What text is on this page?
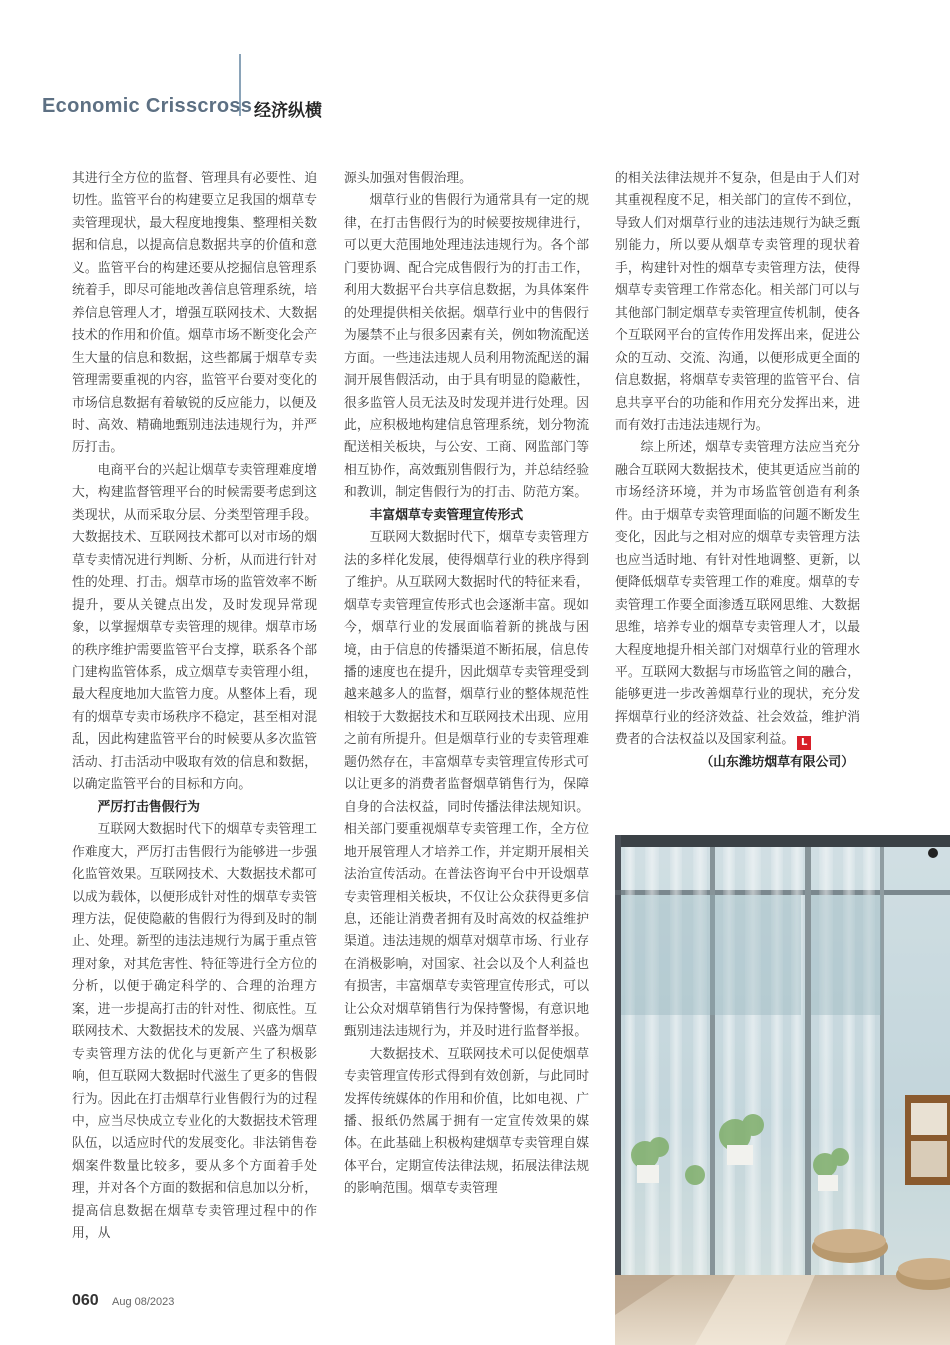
Economic Crisscross 经济纵横

其进行全方位的监督、管理具有必要性、迫切性。监管平台的构建要立足我国的烟草专卖管理现状，最大程度地搜集、整理相关数据和信息，以提高信息数据共享的价值和意义。监管平台的构建还要从挖掘信息管理系统着手，即尽可能地改善信息管理系统，培养信息管理人才，增强互联网技术、大数据技术的作用和价值。烟草市场不断变化会产生大量的信息和数据，这些都属于烟草专卖管理需要重视的内容，监管平台要对变化的市场信息数据有着敏锐的反应能力，以便及时、高效、精确地甄别违法违规行为，并严厉打击。

电商平台的兴起让烟草专卖管理难度增大，构建监督管理平台的时候需要考虑到这类现状，从而采取分层、分类型管理手段。大数据技术、互联网技术都可以对市场的烟草专卖情况进行判断、分析，从而进行针对性的处理、打击。烟草市场的监管效率不断提升，要从关键点出发，及时发现异常现象，以掌握烟草专卖管理的规律。烟草市场的秩序维护需要监管平台支撑，联系各个部门建构监管体系，成立烟草专卖管理小组，最大程度地加大监管力度。从整体上看，现有的烟草专卖市场秩序不稳定，甚至相对混乱，因此构建监管平台的时候要从多次监管活动、打击活动中吸取有效的信息和数据，以确定监管平台的目标和方向。

严厉打击售假行为

互联网大数据时代下的烟草专卖管理工作难度大，严厉打击售假行为能够进一步强化监管效果。互联网技术、大数据技术都可以成为载体，以便形成针对性的烟草专卖管理方法，促使隐蔽的售假行为得到及时的制止、处理。新型的违法违规行为属于重点管理对象，对其危害性、特征等进行全方位的分析，以便于确定科学的、合理的治理方案，进一步提高打击的针对性、彻底性。互联网技术、大数据技术的发展、兴盛为烟草专卖管理方法的优化与更新产生了积极影响，但互联网大数据时代滋生了更多的售假行为。因此在打击烟草行业售假行为的过程中，应当尽快成立专业化的大数据技术管理队伍，以适应时代的发展变化。非法销售卷烟案件数量比较多，要从多个方面着手处理，并对各个方面的数据和信息加以分析，提高信息数据在烟草专卖管理过程中的作用，从

源头加强对售假治理。

烟草行业的售假行为通常具有一定的规律，在打击售假行为的时候要按规律进行，可以更大范围地处理违法违规行为。各个部门要协调、配合完成售假行为的打击工作，利用大数据平台共享信息数据，为具体案件的处理提供相关依据。烟草行业中的售假行为屡禁不止与很多因素有关，例如物流配送方面。一些违法违规人员利用物流配送的漏洞开展售假活动，由于具有明显的隐蔽性，很多监管人员无法及时发现并进行处理。因此，应积极地构建信息管理系统，划分物流配送相关板块，与公安、工商、网监部门等相互协作，高效甄别售假行为，并总结经验和教训，制定售假行为的打击、防范方案。

丰富烟草专卖管理宣传形式

互联网大数据时代下，烟草专卖管理方法的多样化发展，使得烟草行业的秩序得到了维护。从互联网大数据时代的特征来看，烟草专卖管理宣传形式也会逐渐丰富。现如今，烟草行业的发展面临着新的挑战与困境，由于信息的传播渠道不断拓展，信息传播的速度也在提升，因此烟草专卖管理受到越来越多人的监督，烟草行业的整体规范性相较于大数据技术和互联网技术出现、应用之前有所提升。但是烟草行业的专卖管理难题仍然存在，丰富烟草专卖管理宣传形式可以让更多的消费者监督烟草销售行为，保障自身的合法权益，同时传播法律法规知识。相关部门要重视烟草专卖管理工作，全方位地开展管理人才培养工作，并定期开展相关法治宣传活动。在普法咨询平台中开设烟草专卖管理相关板块，不仅让公众获得更多信息，还能让消费者拥有及时高效的权益维护渠道。违法违规的烟草对烟草市场、行业存在消极影响，对国家、社会以及个人利益也有损害，丰富烟草专卖管理宣传形式，可以让公众对烟草销售行为保持警惕，有意识地甄别违法违规行为，并及时进行监督举报。

大数据技术、互联网技术可以促使烟草专卖管理宣传形式得到有效创新，与此同时发挥传统媒体的作用和价值，比如电视、广播、报纸仍然属于拥有一定宣传效果的媒体。在此基础上积极构建烟草专卖管理自媒体平台，定期宣传法律法规，拓展法律法规的影响范围。烟草专卖管理

的相关法律法规并不复杂，但是由于人们对其重视程度不足，相关部门的宣传不到位，导致人们对烟草行业的违法违规行为缺乏甄别能力，所以要从烟草专卖管理的现状着手，构建针对性的烟草专卖管理方法，使得烟草专卖管理工作常态化。相关部门可以与其他部门制定烟草专卖管理宣传机制，使各个互联网平台的宣传作用发挥出来，促进公众的互动、交流、沟通，以便形成更全面的信息数据，将烟草专卖管理的监管平台、信息共享平台的功能和作用充分发挥出来，进而有效打击违法违规行为。

综上所述，烟草专卖管理方法应当充分融合互联网大数据技术，使其更适应当前的市场经济环境，并为市场监管创造有利条件。由于烟草专卖管理面临的问题不断发生变化，因此与之相对应的烟草专卖管理方法也应当适时地、有针对性地调整、更新，以便降低烟草专卖管理工作的难度。烟草的专卖管理工作要全面渗透互联网思维、大数据思维，培养专业的烟草专卖管理人才，以最大程度地提升相关部门对烟草行业的管理水平。互联网大数据与市场监管之间的融合，能够更进一步改善烟草行业的现状，充分发挥烟草行业的经济效益、社会效益，维护消费者的合法权益以及国家利益。 L

（山东潍坊烟草有限公司）

060 Aug 08/2023
